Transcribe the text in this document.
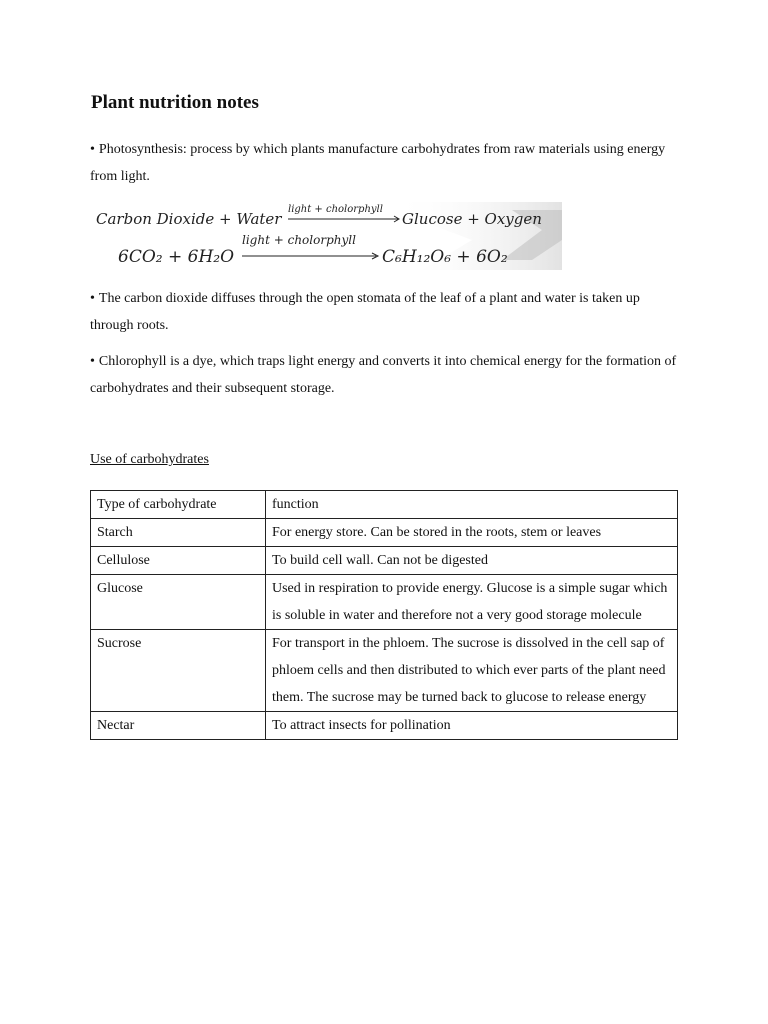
Plant nutrition notes

• Photosynthesis: process by which plants manufacture carbohydrates from raw materials using energy from light.

Carbon Dioxide + Water
light + cholorphyll
Glucose + Oxygen
6CO₂ + 6H₂O
light + cholorphyll
C₆H₁₂O₆ + 6O₂

• The carbon dioxide diffuses through the open stomata of the leaf of a plant and water is taken up through roots.

• Chlorophyll is a dye, which traps light energy and converts it into chemical energy for the formation of carbohydrates and their subsequent storage.

Use of carbohydrates

Type of carbohydrate	function
Starch	For energy store. Can be stored in the roots, stem or leaves
Cellulose	To build cell wall. Can not be digested
Glucose	Used in respiration to provide energy. Glucose is a simple sugar which is soluble in water and therefore not a very good storage molecule
Sucrose	For transport in the phloem. The sucrose is dissolved in the cell sap of phloem cells and then distributed to which ever parts of the plant need them. The sucrose may be turned back to glucose to release energy
Nectar	To attract insects for pollination
